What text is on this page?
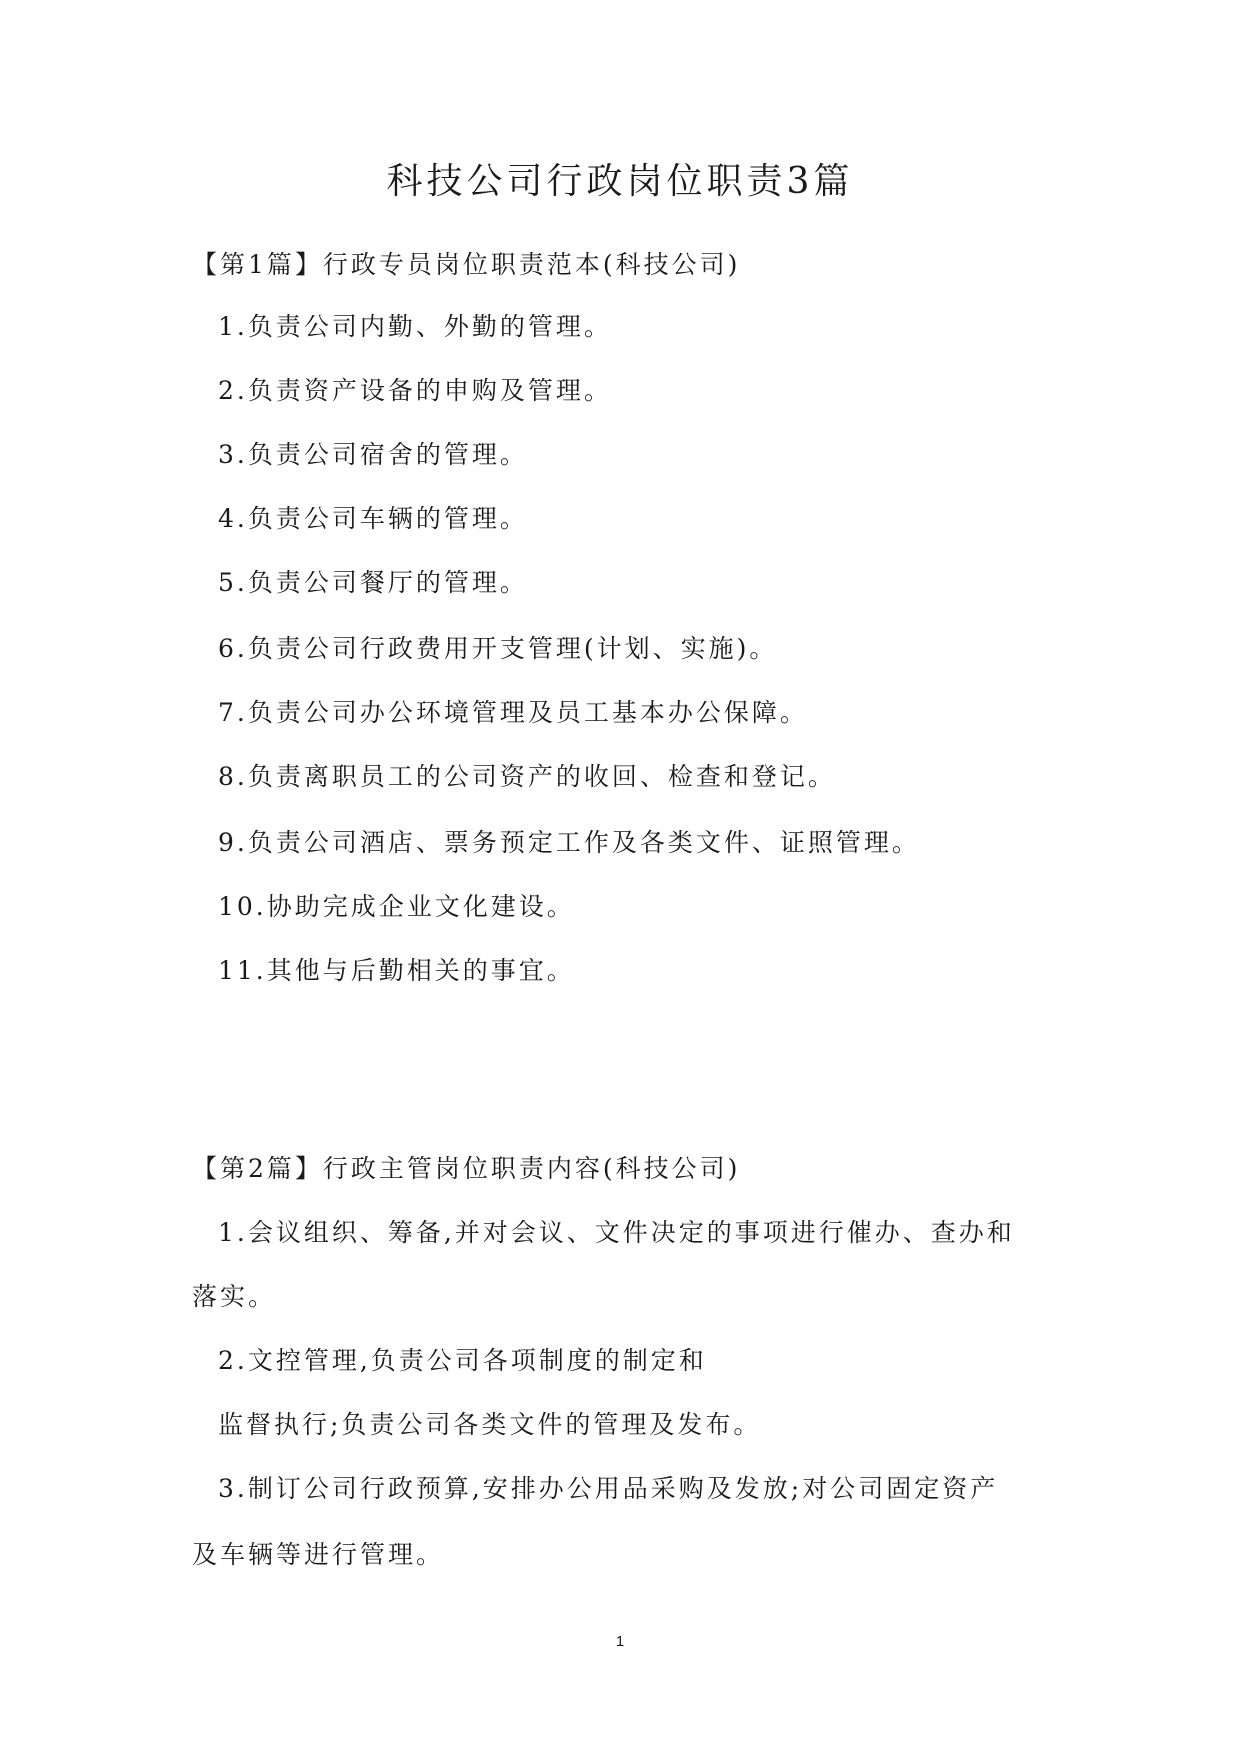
科技公司行政岗位职责3篇

【第1篇】行政专员岗位职责范本(科技公司)

1.负责公司内勤、外勤的管理。

2.负责资产设备的申购及管理。

3.负责公司宿舍的管理。

4.负责公司车辆的管理。

5.负责公司餐厅的管理。

6.负责公司行政费用开支管理(计划、实施)。

7.负责公司办公环境管理及员工基本办公保障。

8.负责离职员工的公司资产的收回、检查和登记。

9.负责公司酒店、票务预定工作及各类文件、证照管理。

10.协助完成企业文化建设。

11.其他与后勤相关的事宜。

【第2篇】行政主管岗位职责内容(科技公司)

1.会议组织、筹备,并对会议、文件决定的事项进行催办、查办和

落实。

2.文控管理,负责公司各项制度的制定和

监督执行;负责公司各类文件的管理及发布。

3.制订公司行政预算,安排办公用品采购及发放;对公司固定资产

及车辆等进行管理。

1
